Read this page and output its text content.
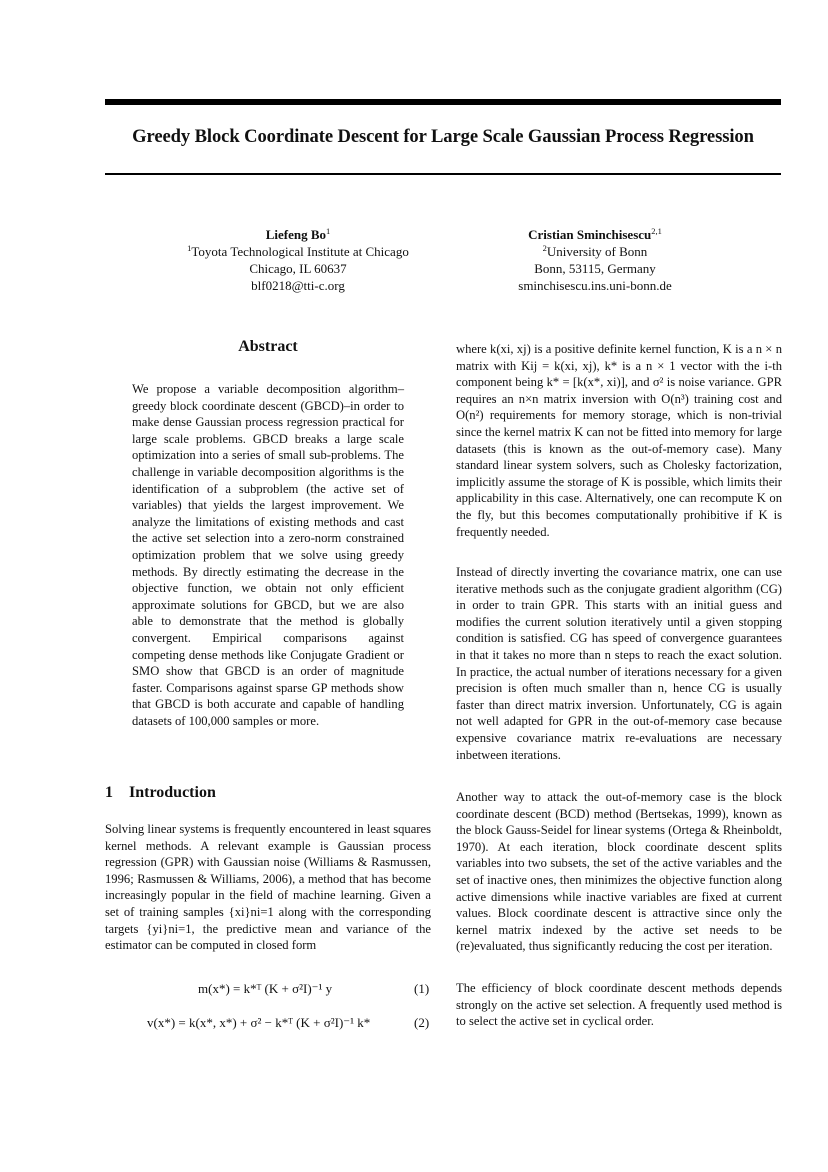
Greedy Block Coordinate Descent for Large Scale Gaussian Process Regression
Liefeng Bo$^1$
$^1$Toyota Technological Institute at Chicago
Chicago, IL 60637
blf0218@tti-c.org
Cristian Sminchisescu$^{2,1}$
$^2$University of Bonn
Bonn, 53115, Germany
sminchisescu.ins.uni-bonn.de
Abstract
We propose a variable decomposition algorithm–greedy block coordinate descent (GBCD)–in order to make dense Gaussian process regression practical for large scale problems. GBCD breaks a large scale optimization into a series of small sub-problems. The challenge in variable decomposition algorithms is the identification of a subproblem (the active set of variables) that yields the largest improvement. We analyze the limitations of existing methods and cast the active set selection into a zero-norm constrained optimization problem that we solve using greedy methods. By directly estimating the decrease in the objective function, we obtain not only efficient approximate solutions for GBCD, but we are also able to demonstrate that the method is globally convergent. Empirical comparisons against competing dense methods like Conjugate Gradient or SMO show that GBCD is an order of magnitude faster. Comparisons against sparse GP methods show that GBCD is both accurate and capable of handling datasets of 100,000 samples or more.
1 Introduction
Solving linear systems is frequently encountered in least squares kernel methods. A relevant example is Gaussian process regression (GPR) with Gaussian noise (Williams & Rasmussen, 1996; Rasmussen & Williams, 2006), a method that has become increasingly popular in the field of machine learning. Given a set of training samples {xi}ni=1 along with the corresponding targets {yi}ni=1, the predictive mean and variance of the estimator can be computed in closed form
m(x*) = k*ᵀ (K + σ²I)⁻¹ y	(1)
v(x*) = k(x*, x*) + σ² − k*ᵀ (K + σ²I)⁻¹ k*	(2)
where k(xi, xj) is a positive definite kernel function, K is a n × n matrix with Kij = k(xi, xj), k* is a n × 1 vector with the i-th component being k* = [k(x*, xi)], and σ² is noise variance. GPR requires an n×n matrix inversion with O(n³) training cost and O(n²) requirements for memory storage, which is non-trivial since the kernel matrix K can not be fitted into memory for large datasets (this is known as the out-of-memory case). Many standard linear system solvers, such as Cholesky factorization, implicitly assume the storage of K is possible, which limits their applicability in this case. Alternatively, one can recompute K on the fly, but this becomes computationally prohibitive if K is frequently needed.
Instead of directly inverting the covariance matrix, one can use iterative methods such as the conjugate gradient algorithm (CG) in order to train GPR. This starts with an initial guess and modifies the current solution iteratively until a given stopping condition is satisfied. CG has speed of convergence guarantees in that it takes no more than n steps to reach the exact solution. In practice, the actual number of iterations necessary for a given precision is often much smaller than n, hence CG is usually faster than direct matrix inversion. Unfortunately, CG is again not well adapted for GPR in the out-of-memory case because expensive covariance matrix re-evaluations are necessary inbetween iterations.
Another way to attack the out-of-memory case is the block coordinate descent (BCD) method (Bertsekas, 1999), known as the block Gauss-Seidel for linear systems (Ortega & Rheinboldt, 1970). At each iteration, block coordinate descent splits variables into two subsets, the set of the active variables and the set of inactive ones, then minimizes the objective function along active dimensions while inactive variables are fixed at current values. Block coordinate descent is attractive since only the kernel matrix indexed by the active set needs to be (re)evaluated, thus significantly reducing the cost per iteration.
The efficiency of block coordinate descent methods depends strongly on the active set selection. A frequently used method is to select the active set in cyclical order.
